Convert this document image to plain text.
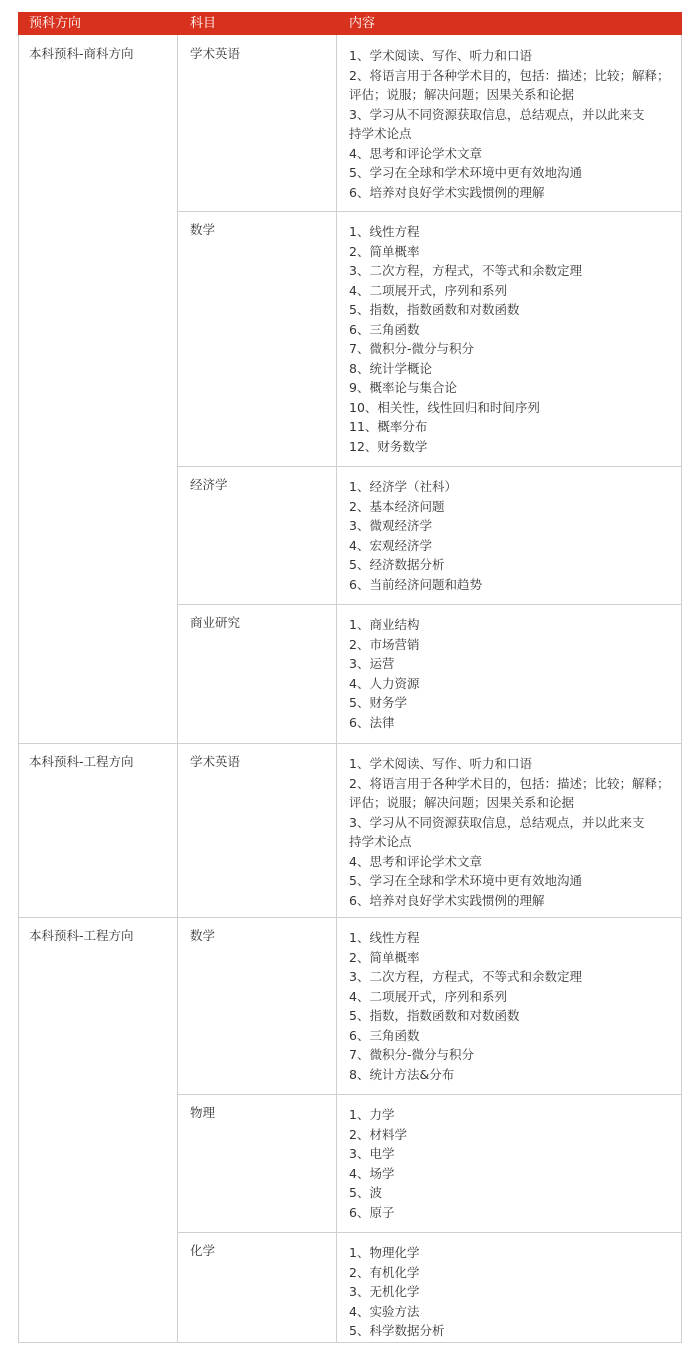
预科方向	科目	内容
本科预科-商科方向	学术英语	1、学术阅读、写作、听力和口语
2、将语言用于各种学术目的，包括：描述；比较；解释；
评估；说服；解决问题；因果关系和论据
3、学习从不同资源获取信息，总结观点，并以此来支
持学术论点
4、思考和评论学术文章
5、学习在全球和学术环境中更有效地沟通
6、培养对良好学术实践惯例的理解
数学	1、线性方程
2、简单概率
3、二次方程，方程式，不等式和余数定理
4、二项展开式，序列和系列
5、指数，指数函数和对数函数
6、三角函数
7、微积分-微分与积分
8、统计学概论
9、概率论与集合论
10、相关性，线性回归和时间序列
11、概率分布
12、财务数学
经济学	1、经济学（社科）
2、基本经济问题
3、微观经济学
4、宏观经济学
5、经济数据分析
6、当前经济问题和趋势
商业研究	1、商业结构
2、市场营销
3、运营
4、人力资源
5、财务学
6、法律
本科预科-工程方向	学术英语	1、学术阅读、写作、听力和口语
2、将语言用于各种学术目的，包括：描述；比较；解释；
评估；说服；解决问题；因果关系和论据
3、学习从不同资源获取信息，总结观点，并以此来支
持学术论点
4、思考和评论学术文章
5、学习在全球和学术环境中更有效地沟通
6、培养对良好学术实践惯例的理解
本科预科-工程方向	数学	1、线性方程
2、简单概率
3、二次方程，方程式，不等式和余数定理
4、二项展开式，序列和系列
5、指数，指数函数和对数函数
6、三角函数
7、微积分-微分与积分
8、统计方法&分布
物理	1、力学
2、材料学
3、电学
4、场学
5、波
6、原子
化学	1、物理化学
2、有机化学
3、无机化学
4、实验方法
5、科学数据分析
